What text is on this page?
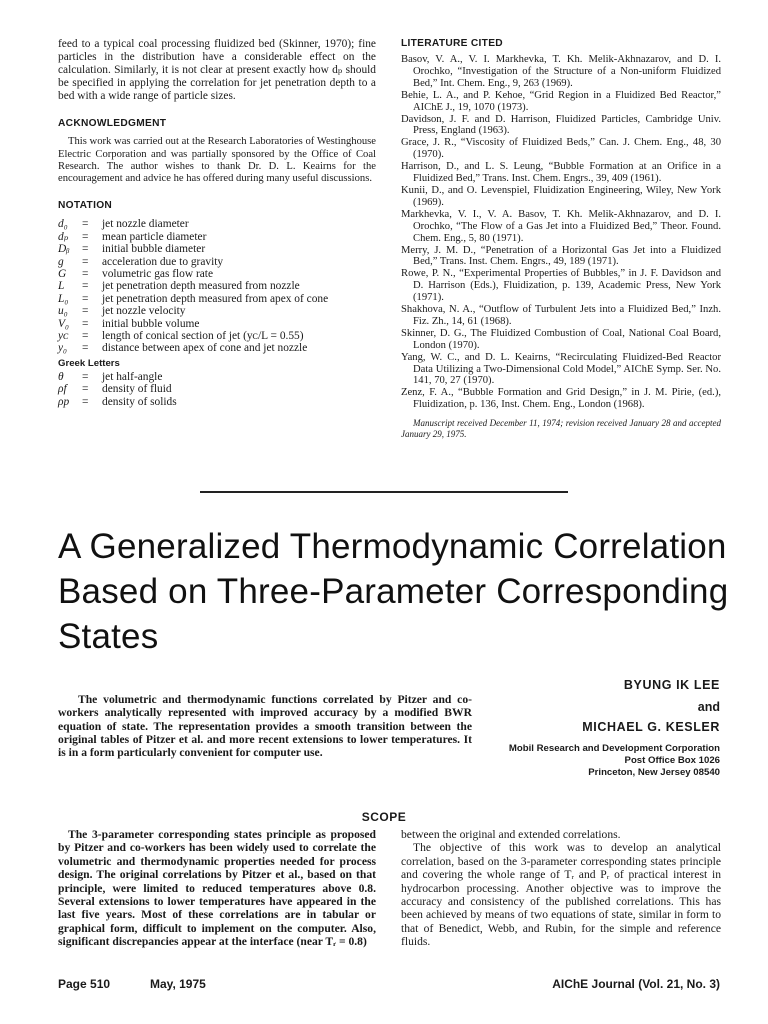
feed to a typical coal processing fluidized bed (Skinner, 1970); fine particles in the distribution have a considerable effect on the calculation. Similarly, it is not clear at present exactly how dₚ should be specified in applying the correlation for jet penetration depth to a bed with a wide range of particle sizes.

ACKNOWLEDGMENT

This work was carried out at the Research Laboratories of Westinghouse Electric Corporation and was partially sponsored by the Office of Coal Research. The author wishes to thank Dr. D. L. Keairns for the encouragement and advice he has offered during many useful discussions.

NOTATION

d₀	=	jet nozzle diameter
dₚ	=	mean particle diameter
Dᵦ	=	initial bubble diameter
g	=	acceleration due to gravity
G	=	volumetric gas flow rate
L	=	jet penetration depth measured from nozzle
L₀	=	jet penetration depth measured from apex of cone
u₀	=	jet nozzle velocity
V₀	=	initial bubble volume
yᴄ	=	length of conical section of jet (yᴄ/L = 0.55)
y₀	=	distance between apex of cone and jet nozzle

Greek Letters

θ	=	jet half-angle
ρf	=	density of fluid
ρp	=	density of solids

LITERATURE CITED

Basov, V. A., V. I. Markhevka, T. Kh. Melik-Akhnazarov, and D. I. Orochko, “Investigation of the Structure of a Non-uniform Fluidized Bed,” Int. Chem. Eng., 9, 263 (1969).

Behie, L. A., and P. Kehoe, “Grid Region in a Fluidized Bed Reactor,” AIChE J., 19, 1070 (1973).

Davidson, J. F. and D. Harrison, Fluidized Particles, Cambridge Univ. Press, England (1963).

Grace, J. R., “Viscosity of Fluidized Beds,” Can. J. Chem. Eng., 48, 30 (1970).

Harrison, D., and L. S. Leung, “Bubble Formation at an Orifice in a Fluidized Bed,” Trans. Inst. Chem. Engrs., 39, 409 (1961).

Kunii, D., and O. Levenspiel, Fluidization Engineering, Wiley, New York (1969).

Markhevka, V. I., V. A. Basov, T. Kh. Melik-Akhnazarov, and D. I. Orochko, “The Flow of a Gas Jet into a Fluidized Bed,” Theor. Found. Chem. Eng., 5, 80 (1971).

Merry, J. M. D., “Penetration of a Horizontal Gas Jet into a Fluidized Bed,” Trans. Inst. Chem. Engrs., 49, 189 (1971).

Rowe, P. N., “Experimental Properties of Bubbles,” in J. F. Davidson and D. Harrison (Eds.), Fluidization, p. 139, Academic Press, New York (1971).

Shakhova, N. A., “Outflow of Turbulent Jets into a Fluidized Bed,” Inzh. Fiz. Zh., 14, 61 (1968).

Skinner, D. G., The Fluidized Combustion of Coal, National Coal Board, London (1970).

Yang, W. C., and D. L. Keairns, “Recirculating Fluidized-Bed Reactor Data Utilizing a Two-Dimensional Cold Model,” AIChE Symp. Ser. No. 141, 70, 27 (1970).

Zenz, F. A., “Bubble Formation and Grid Design,” in J. M. Pirie, (ed.), Fluidization, p. 136, Inst. Chem. Eng., London (1968).

Manuscript received December 11, 1974; revision received January 28 and accepted January 29, 1975.

A Generalized Thermodynamic Correlation

Based on Three-Parameter Corresponding

States

BYUNG IK LEE
and
MICHAEL G. KESLER
Mobil Research and Development Corporation
Post Office Box 1026
Princeton, New Jersey 08540

The volumetric and thermodynamic functions correlated by Pitzer and co-workers analytically represented with improved accuracy by a modified BWR equation of state. The representation provides a smooth transition between the original tables of Pitzer et al. and more recent extensions to lower temperatures. It is in a form particularly convenient for computer use.

SCOPE

The 3-parameter corresponding states principle as proposed by Pitzer and co-workers has been widely used to correlate the volumetric and thermodynamic properties needed for process design. The original correlations by Pitzer et al., based on that principle, were limited to reduced temperatures above 0.8. Several extensions to lower temperatures have appeared in the last five years. Most of these correlations are in tabular or graphical form, difficult to implement on the computer. Also, significant discrepancies appear at the interface (near Tᵣ = 0.8)

between the original and extended correlations.

The objective of this work was to develop an analytical correlation, based on the 3-parameter corresponding states principle and covering the whole range of Tᵣ and Pᵣ of practical interest in hydrocarbon processing. Another objective was to improve the accuracy and consistency of the published correlations. This has been achieved by means of two equations of state, similar in form to that of Benedict, Webb, and Rubin, for the simple and reference fluids.

Page 510	May, 1975	AIChE Journal (Vol. 21, No. 3)
